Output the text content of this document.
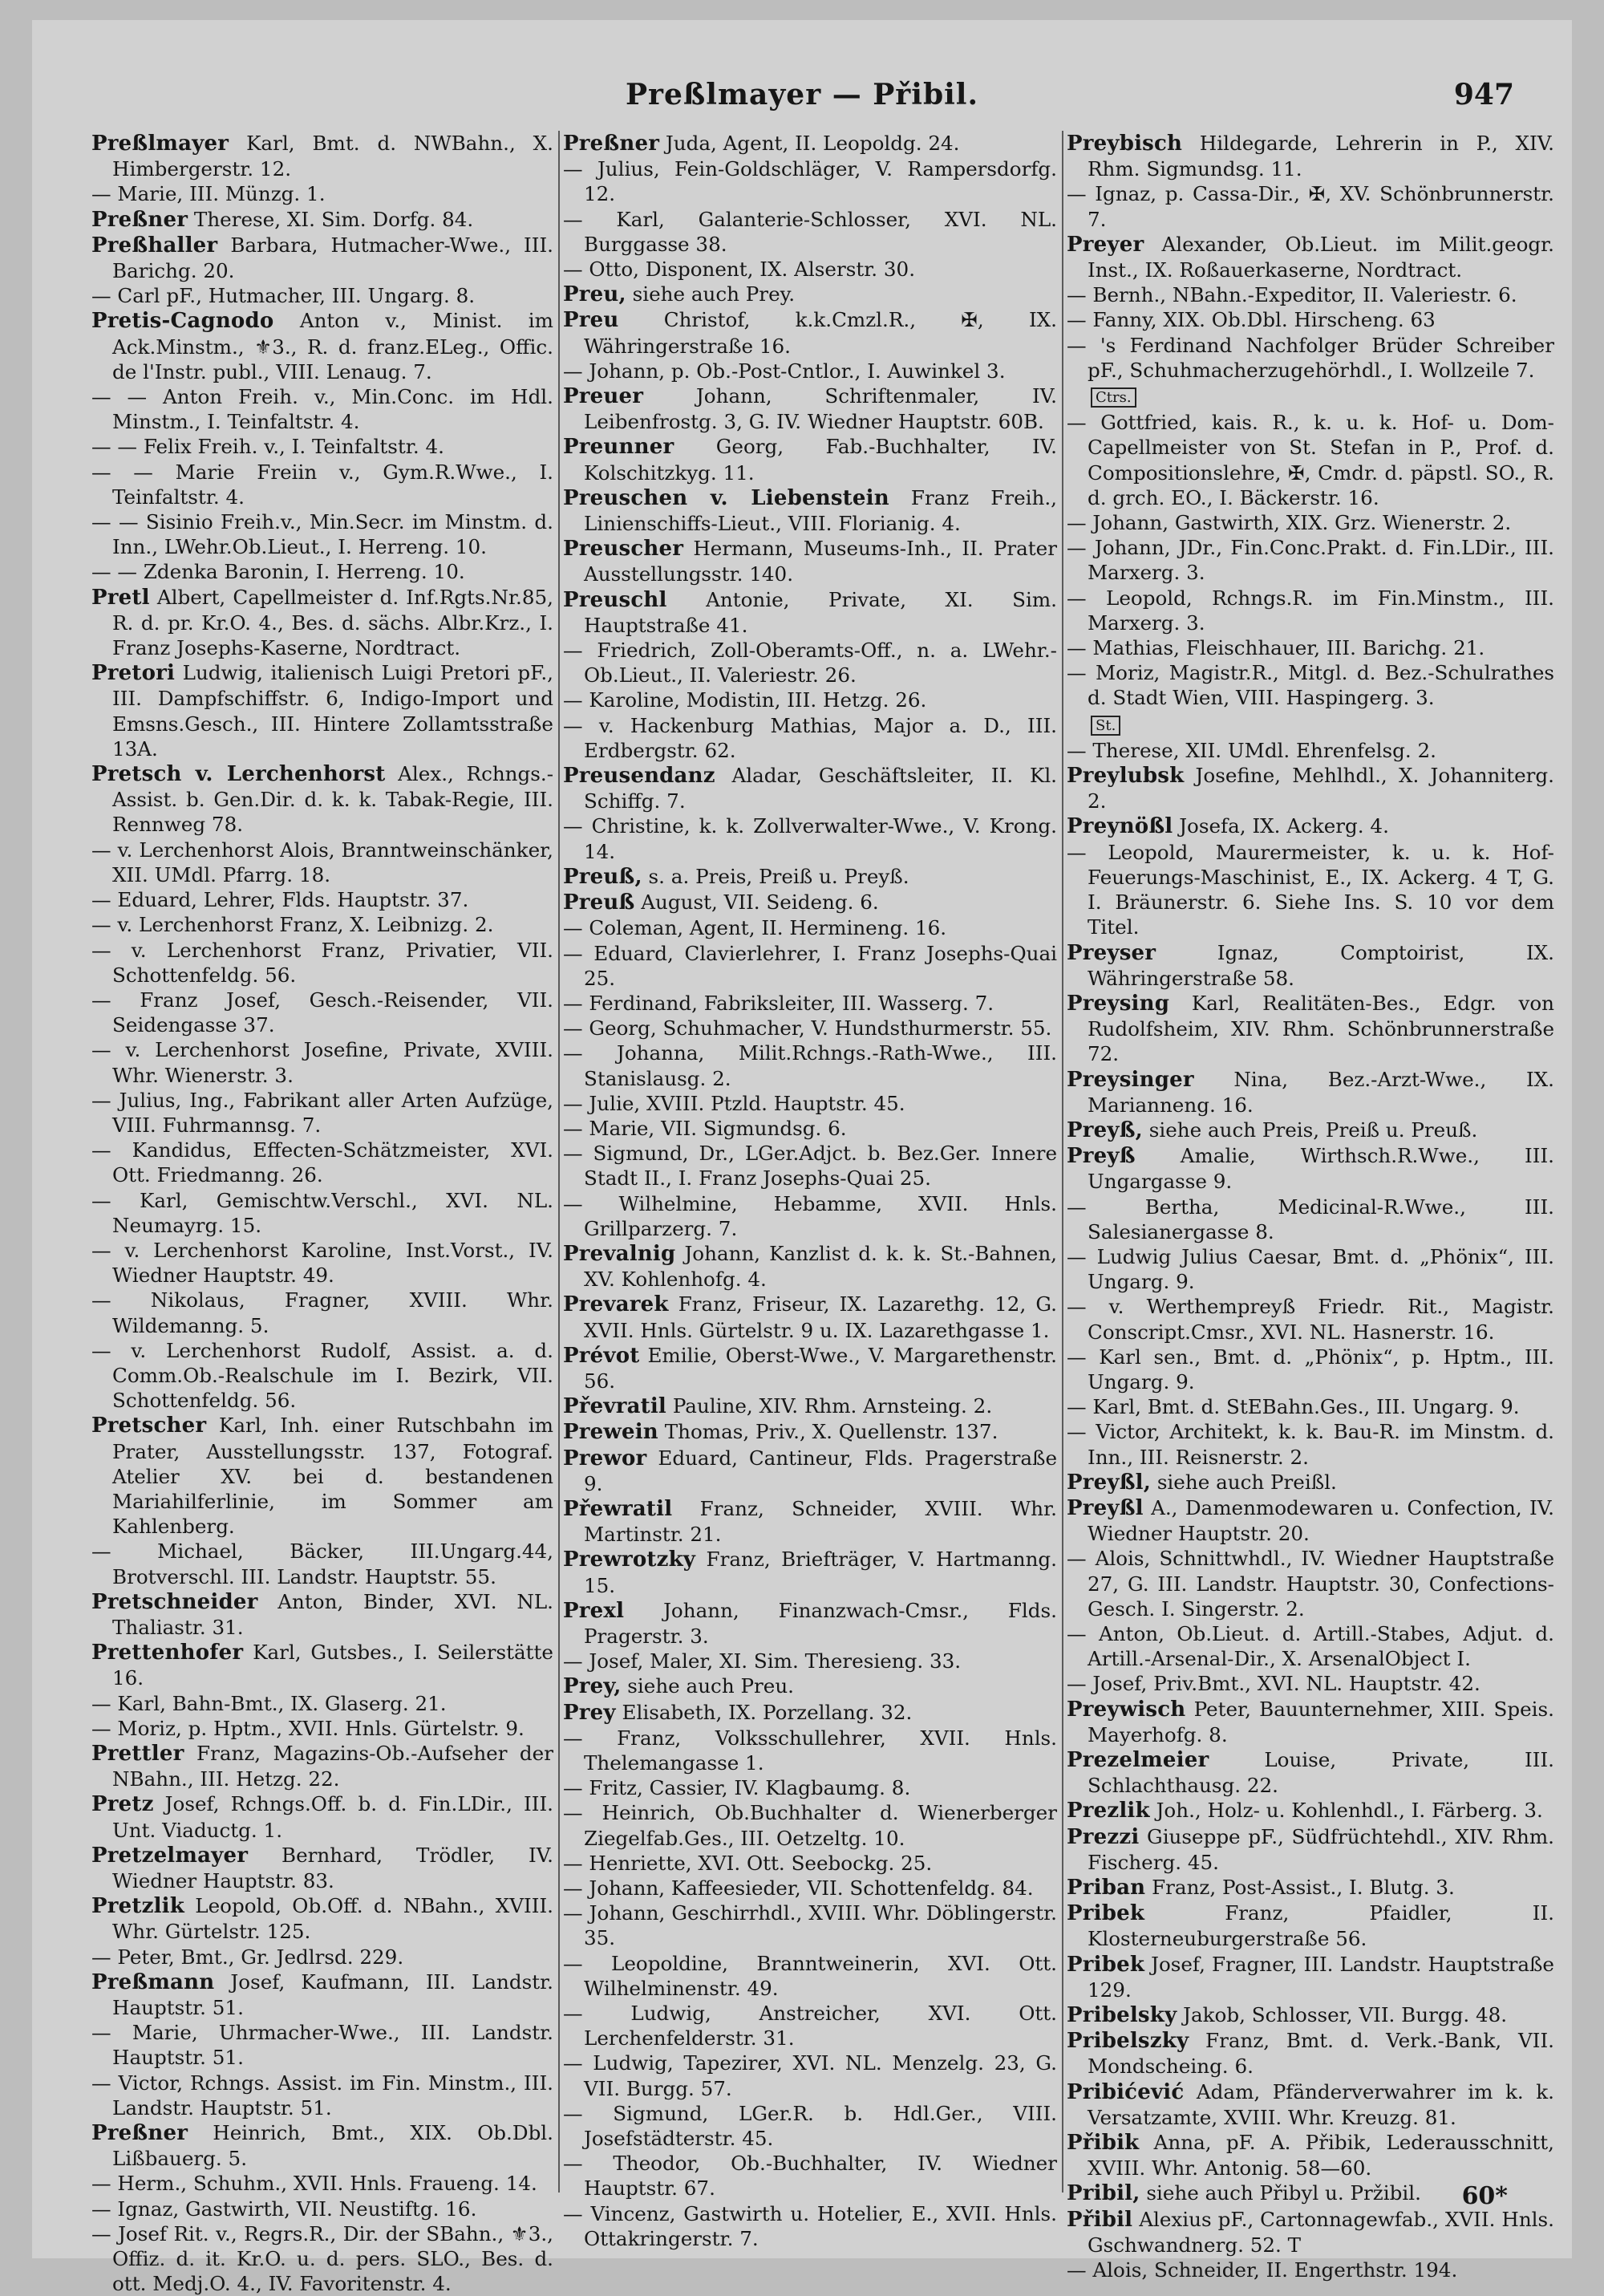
Preßlmayer — Přibil.	947

Preßlmayer Karl, Bmt. d. NWBahn., X. Himbergerstr. 12.

— Marie, III. Münzg. 1.

Preßner Therese, XI. Sim. Dorfg. 84.

Preßhaller Barbara, Hutmacher-Wwe., III. Barichg. 20.

— Carl pF., Hutmacher, III. Ungarg. 8.

Pretis-Cagnodo Anton v., Minist. im Ack.Minstm., ⚜3., R. d. franz.ELeg., Offic. de l'Instr. publ., VIII. Lenaug. 7.

— — Anton Freih. v., Min.Conc. im Hdl. Minstm., I. Teinfaltstr. 4.

— — Felix Freih. v., I. Teinfaltstr. 4.

— — Marie Freiin v., Gym.R.Wwe., I. Teinfaltstr. 4.

— — Sisinio Freih.v., Min.Secr. im Minstm. d. Inn., LWehr.Ob.Lieut., I. Herreng. 10.

— — Zdenka Baronin, I. Herreng. 10.

Pretl Albert, Capellmeister d. Inf.Rgts.Nr.85, R. d. pr. Kr.O. 4., Bes. d. sächs. Albr.Krz., I. Franz Josephs-Kaserne, Nordtract.

Pretori Ludwig, italienisch Luigi Pretori pF., III. Dampfschiffstr. 6, Indigo-Import und Emsns.Gesch., III. Hintere Zollamtsstraße 13A.

Pretsch v. Lerchenhorst Alex., Rchngs.-Assist. b. Gen.Dir. d. k. k. Tabak-Regie, III. Rennweg 78.

— v. Lerchenhorst Alois, Branntweinschänker, XII. UMdl. Pfarrg. 18.

— Eduard, Lehrer, Flds. Hauptstr. 37.

— v. Lerchenhorst Franz, X. Leibnizg. 2.

— v. Lerchenhorst Franz, Privatier, VII. Schottenfeldg. 56.

— Franz Josef, Gesch.-Reisender, VII. Seidengasse 37.

— v. Lerchenhorst Josefine, Private, XVIII. Whr. Wienerstr. 3.

— Julius, Ing., Fabrikant aller Arten Aufzüge, VIII. Fuhrmannsg. 7.

— Kandidus, Effecten-Schätzmeister, XVI. Ott. Friedmanng. 26.

— Karl, Gemischtw.Verschl., XVI. NL. Neumayrg. 15.

— v. Lerchenhorst Karoline, Inst.Vorst., IV. Wiedner Hauptstr. 49.

— Nikolaus, Fragner, XVIII. Whr. Wildemanng. 5.

— v. Lerchenhorst Rudolf, Assist. a. d. Comm.Ob.-Realschule im I. Bezirk, VII. Schottenfeldg. 56.

Pretscher Karl, Inh. einer Rutschbahn im Prater, Ausstellungsstr. 137, Fotograf. Atelier XV. bei d. bestandenen Mariahilferlinie, im Sommer am Kahlenberg.

— Michael, Bäcker, III.Ungarg.44, Brotverschl. III. Landstr. Hauptstr. 55.

Pretschneider Anton, Binder, XVI. NL. Thaliastr. 31.

Prettenhofer Karl, Gutsbes., I. Seilerstätte 16.

— Karl, Bahn-Bmt., IX. Glaserg. 21.

— Moriz, p. Hptm., XVII. Hnls. Gürtelstr. 9.

Prettler Franz, Magazins-Ob.-Aufseher der NBahn., III. Hetzg. 22.

Pretz Josef, Rchngs.Off. b. d. Fin.LDir., III. Unt. Viaductg. 1.

Pretzelmayer Bernhard, Trödler, IV. Wiedner Hauptstr. 83.

Pretzlik Leopold, Ob.Off. d. NBahn., XVIII. Whr. Gürtelstr. 125.

— Peter, Bmt., Gr. Jedlrsd. 229.

Preßmann Josef, Kaufmann, III. Landstr. Hauptstr. 51.

— Marie, Uhrmacher-Wwe., III. Landstr. Hauptstr. 51.

— Victor, Rchngs. Assist. im Fin. Minstm., III. Landstr. Hauptstr. 51.

Preßner Heinrich, Bmt., XIX. Ob.Dbl. Lißbauerg. 5.

— Herm., Schuhm., XVII. Hnls. Fraueng. 14.

— Ignaz, Gastwirth, VII. Neustiftg. 16.

— Josef Rit. v., Regrs.R., Dir. der SBahn., ⚜3., Offiz. d. it. Kr.O. u. d. pers. SLO., Bes. d. ott. Medj.O. 4., IV. Favoritenstr. 4.

Preßner Juda, Agent, II. Leopoldg. 24.

— Julius, Fein-Goldschläger, V. Rampersdorfg. 12.

— Karl, Galanterie-Schlosser, XVI. NL. Burggasse 38.

— Otto, Disponent, IX. Alserstr. 30.

Preu, siehe auch Prey.

Preu Christof, k.k.Cmzl.R., ✠, IX. Währingerstraße 16.

— Johann, p. Ob.-Post-Cntlor., I. Auwinkel 3.

Preuer	Johann, Schriftenmaler, IV. Leibenfrostg. 3, G. IV. Wiedner Hauptstr. 60B.

Preunner Georg, Fab.-Buchhalter, IV. Kolschitzkyg. 11.

Preuschen v. Liebenstein Franz Freih., Linienschiffs-Lieut., VIII. Florianig. 4.

Preuscher Hermann, Museums-Inh., II. Prater Ausstellungsstr. 140.

Preuschl Antonie, Private, XI. Sim. Hauptstraße 41.

— Friedrich, Zoll-Oberamts-Off., n. a. LWehr.-Ob.Lieut., II. Valeriestr. 26.

— Karoline, Modistin, III. Hetzg. 26.

— v. Hackenburg Mathias, Major a. D., III. Erdbergstr. 62.

Preusendanz Aladar, Geschäftsleiter, II. Kl. Schiffg. 7.

— Christine, k. k. Zollverwalter-Wwe., V. Krong. 14.

Preuß, s. a. Preis, Preiß u. Preyß.

Preuß August, VII. Seideng. 6.

— Coleman, Agent, II. Hermineng. 16.

— Eduard, Clavierlehrer, I. Franz Josephs-Quai 25.

— Ferdinand, Fabriksleiter, III. Wasserg. 7.

— Georg, Schuhmacher, V. Hundsthurmerstr. 55.

— Johanna, Milit.Rchngs.-Rath-Wwe., III. Stanislausg. 2.

— Julie, XVIII. Ptzld. Hauptstr. 45.

— Marie, VII. Sigmundsg. 6.

— Sigmund, Dr., LGer.Adjct. b. Bez.Ger. Innere Stadt II., I. Franz Josephs-Quai 25.

— Wilhelmine, Hebamme, XVII. Hnls. Grillparzerg. 7.

Prevalnig Johann, Kanzlist d. k. k. St.-Bahnen, XV. Kohlenhofg. 4.

Prevarek Franz, Friseur, IX. Lazarethg. 12, G. XVII. Hnls. Gürtelstr. 9 u. IX. Lazarethgasse 1.

Prévot Emilie, Oberst-Wwe., V. Margarethenstr. 56.

Převratil Pauline, XIV. Rhm. Arnsteing. 2.

Prewein Thomas, Priv., X. Quellenstr. 137.

Prewor Eduard, Cantineur, Flds. Pragerstraße 9.

Přewratil Franz, Schneider, XVIII. Whr. Martinstr. 21.

Prewrotzky Franz, Briefträger, V. Hartmanng. 15.

Prexl Johann, Finanzwach-Cmsr., Flds. Pragerstr. 3.

— Josef, Maler, XI. Sim. Theresieng. 33.

Prey, siehe auch Preu.

Prey Elisabeth, IX. Porzellang. 32.

— Franz, Volksschullehrer, XVII. Hnls. Thelemangasse 1.

— Fritz, Cassier, IV. Klagbaumg. 8.

— Heinrich, Ob.Buchhalter d. Wienerberger Ziegelfab.Ges., III. Oetzeltg. 10.

— Henriette, XVI. Ott. Seebockg. 25.

— Johann, Kaffeesieder, VII. Schottenfeldg. 84.

— Johann, Geschirrhdl., XVIII. Whr. Döblingerstr. 35.

— Leopoldine, Branntweinerin, XVI. Ott. Wilhelminenstr. 49.

— Ludwig, Anstreicher, XVI. Ott. Lerchenfelderstr. 31.

— Ludwig, Tapezirer, XVI. NL. Menzelg. 23, G. VII. Burgg. 57.

— Sigmund, LGer.R. b. Hdl.Ger., VIII. Josefstädterstr. 45.

— Theodor, Ob.-Buchhalter, IV. Wiedner Hauptstr. 67.

— Vincenz, Gastwirth u. Hotelier, E., XVII. Hnls. Ottakringerstr. 7.

Preybisch Hildegarde, Lehrerin in P., XIV. Rhm. Sigmundsg. 11.

— Ignaz, p. Cassa-Dir., ✠, XV. Schönbrunnerstr. 7.

Preyer Alexander, Ob.Lieut. im Milit.geogr. Inst., IX. Roßauerkaserne, Nordtract.

— Bernh., NBahn.-Expeditor, II. Valeriestr. 6.

— Fanny, XIX. Ob.Dbl. Hirscheng. 63

— 's Ferdinand Nachfolger Brüder Schreiber pF., Schuhmacherzugehörhdl., I. Wollzeile 7.

Ctrs.

— Gottfried, kais. R., k. u. k. Hof- u. Dom-Capellmeister von St. Stefan in P., Prof. d. Compositionslehre, ✠, Cmdr. d. päpstl. SO., R. d. grch. EO., I. Bäckerstr. 16.

— Johann, Gastwirth, XIX. Grz. Wienerstr. 2.

— Johann, JDr., Fin.Conc.Prakt. d. Fin.LDir., III. Marxerg. 3.

— Leopold, Rchngs.R. im Fin.Minstm., III. Marxerg. 3.

— Mathias, Fleischhauer, III. Barichg. 21.

— Moriz, Magistr.R., Mitgl. d. Bez.-Schulrathes d. Stadt Wien, VIII. Haspingerg. 3.

St.

— Therese, XII. UMdl. Ehrenfelsg. 2.

Preylubsk Josefine, Mehlhdl., X. Johanniterg. 2.

Preynößl Josefa, IX. Ackerg. 4.

— Leopold, Maurermeister, k. u. k. Hof-Feuerungs-Maschinist, E., IX. Ackerg. 4 T, G. I. Bräunerstr. 6. Siehe Ins. S. 10 vor dem Titel.

Preyser	Ignaz, Comptoirist, IX. Währingerstraße 58.

Preysing Karl, Realitäten-Bes., Edgr. von Rudolfsheim, XIV. Rhm. Schönbrunnerstraße 72.

Preysinger Nina, Bez.-Arzt-Wwe., IX. Marianneng. 16.

Preyß, siehe auch Preis, Preiß u. Preuß.

Preyß Amalie, Wirthsch.R.Wwe., III. Ungargasse 9.

— Bertha, Medicinal-R.Wwe., III. Salesianergasse 8.

— Ludwig Julius Caesar, Bmt. d. „Phönix“, III. Ungarg. 9.

— v. Werthempreyß Friedr. Rit., Magistr. Conscript.Cmsr., XVI. NL. Hasnerstr. 16.

— Karl sen., Bmt. d. „Phönix“, p. Hptm., III. Ungarg. 9.

— Karl, Bmt. d. StEBahn.Ges., III. Ungarg. 9.

— Victor, Architekt, k. k. Bau-R. im Minstm. d. Inn., III. Reisnerstr. 2.

Preyßl, siehe auch Preißl.

Preyßl A., Damenmodewaren u. Confection, IV. Wiedner Hauptstr. 20.

— Alois, Schnittwhdl., IV. Wiedner Hauptstraße 27, G. III. Landstr. Hauptstr. 30, Confections-Gesch. I. Singerstr. 2.

— Anton, Ob.Lieut. d. Artill.-Stabes, Adjut. d. Artill.-Arsenal-Dir., X. ArsenalObject I.

— Josef, Priv.Bmt., XVI. NL. Hauptstr. 42.

Preywisch Peter, Bauunternehmer, XIII. Speis. Mayerhofg. 8.

Prezelmeier	Louise, Private, III. Schlachthausg. 22.

Prezlik Joh., Holz- u. Kohlenhdl., I. Färberg. 3.

Prezzi Giuseppe pF., Südfrüchtehdl., XIV. Rhm. Fischerg. 45.

Priban Franz, Post-Assist., I. Blutg. 3.

Pribek	Franz, Pfaidler, II. Klosterneuburgerstraße 56.

Pribek Josef, Fragner, III. Landstr. Hauptstraße 129.

Pribelsky Jakob, Schlosser, VII. Burgg. 48.

Pribelszky Franz, Bmt. d. Verk.-Bank, VII. Mondscheing. 6.

Pribićević Adam, Pfänderverwahrer im k. k. Versatzamte, XVIII. Whr. Kreuzg. 81.

Přibik Anna, pF. A. Přibik, Lederausschnitt, XVIII. Whr. Antonig. 58—60.

Pribil, siehe auch Přibyl u. Pržibil.

Přibil Alexius pF., Cartonnagewfab., XVII. Hnls. Gschwandnerg. 52. T

— Alois, Schneider, II. Engerthstr. 194.

60*
